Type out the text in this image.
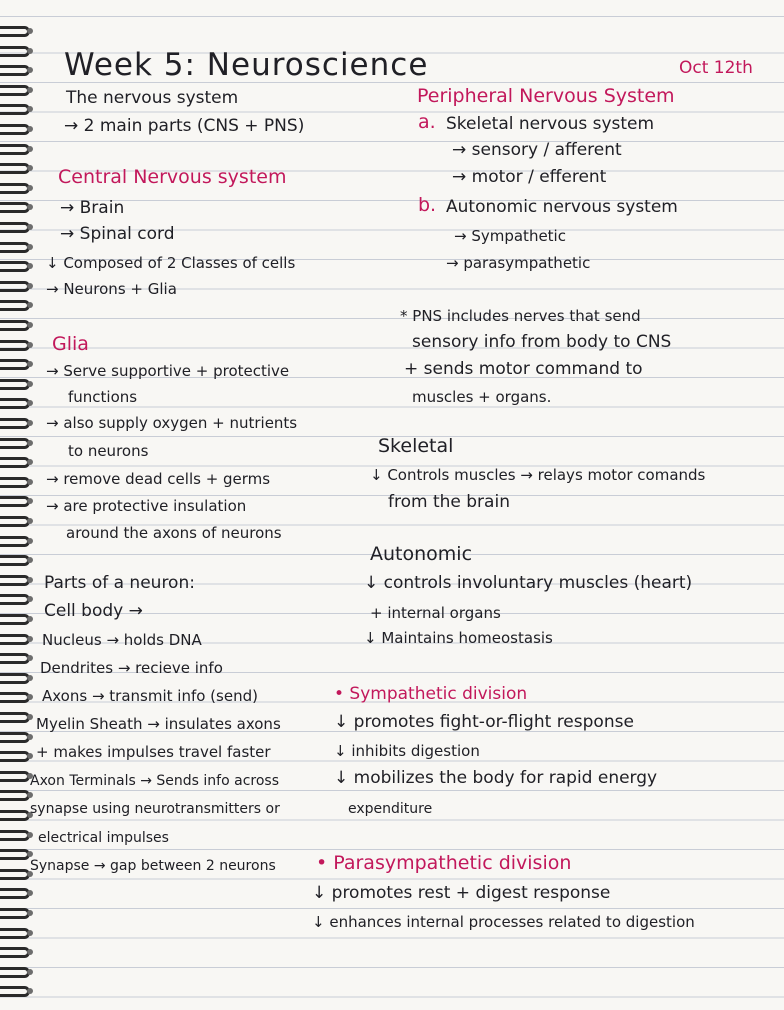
Week 5: Neuroscience	Oct 12th
The nervous system
→ 2 main parts (CNS + PNS)
Central Nervous system
→ Brain
→ Spinal cord
↓ Composed of 2 Classes of cells
→ Neurons + Glia
Glia
→ Serve supportive + protective
functions
→ also supply oxygen + nutrients
to neurons
→ remove dead cells + germs
→ are protective insulation
around the axons of neurons
Parts of a neuron:
Cell body →
Nucleus → holds DNA
Dendrites → recieve info
Axons → transmit info (send)
Myelin Sheath → insulates axons
+ makes impulses travel faster
Axon Terminals → Sends info across
synapse using neurotransmitters or
electrical impulses
Synapse → gap between 2 neurons
Peripheral Nervous System
a. Skeletal nervous system
→ sensory / afferent
→ motor / efferent
b. Autonomic nervous system
→ Sympathetic
→ parasympathetic
* PNS includes nerves that send
sensory info from body to CNS
+ sends motor command to
muscles + organs.
Skeletal
↓ Controls muscles → relays motor comands
from the brain
Autonomic
↓ controls involuntary muscles (heart)
+ internal organs
↓ Maintains homeostasis
• Sympathetic division
↓ promotes fight-or-flight response
↓ inhibits digestion
↓ mobilizes the body for rapid energy
expenditure
• Parasympathetic division
↓ promotes rest + digest response
↓ enhances internal processes related to digestion
